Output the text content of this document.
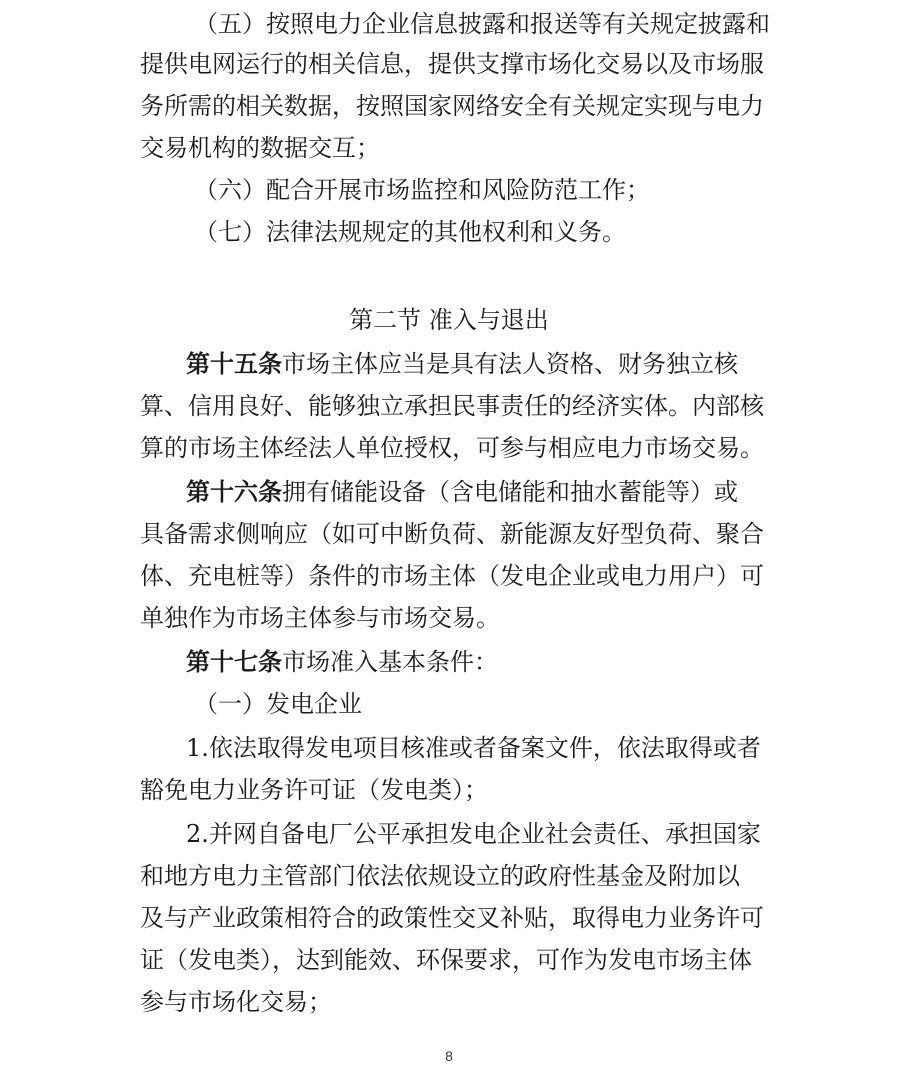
（五）按照电力企业信息披露和报送等有关规定披露和
提供电网运行的相关信息，提供支撑市场化交易以及市场服
务所需的相关数据，按照国家网络安全有关规定实现与电力
交易机构的数据交互；
（六）配合开展市场监控和风险防范工作；
（七）法律法规规定的其他权利和义务。
第二节 准入与退出
第十五条市场主体应当是具有法人资格、财务独立核
算、信用良好、能够独立承担民事责任的经济实体。内部核
算的市场主体经法人单位授权，可参与相应电力市场交易。
第十六条拥有储能设备（含电储能和抽水蓄能等）或
具备需求侧响应（如可中断负荷、新能源友好型负荷、聚合
体、充电桩等）条件的市场主体（发电企业或电力用户）可
单独作为市场主体参与市场交易。
第十七条市场准入基本条件：
（一）发电企业
1.依法取得发电项目核准或者备案文件，依法取得或者
豁免电力业务许可证（发电类）；
2.并网自备电厂公平承担发电企业社会责任、承担国家
和地方电力主管部门依法依规设立的政府性基金及附加以
及与产业政策相符合的政策性交叉补贴，取得电力业务许可
证（发电类），达到能效、环保要求，可作为发电市场主体
参与市场化交易；
8
